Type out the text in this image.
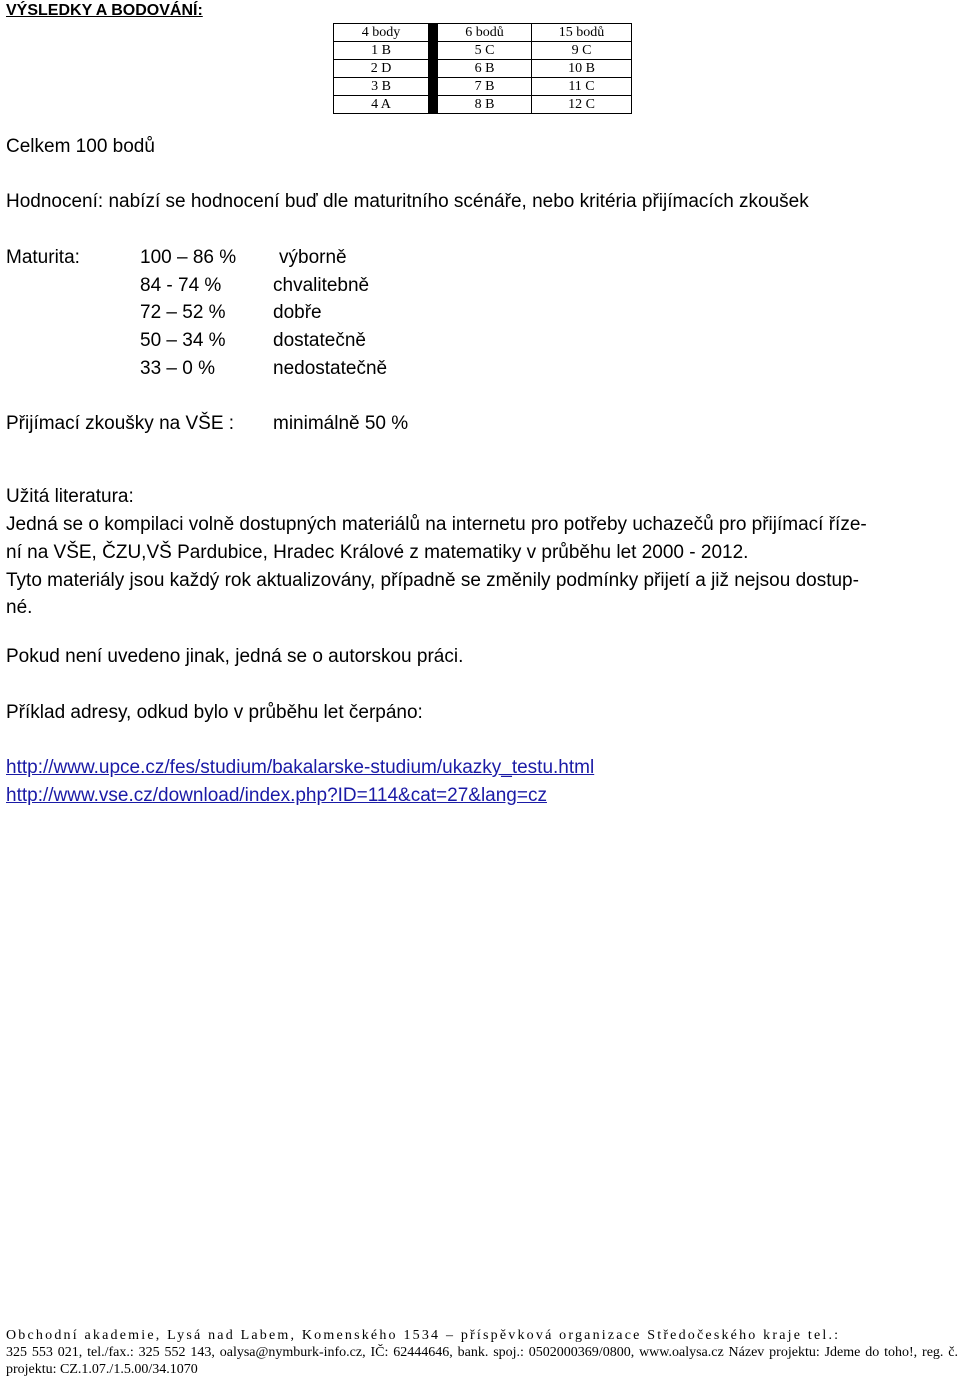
VÝSLEDKY A BODOVÁNÍ:
4 body		6 bodů	15 bodů
1 B		5 C	9 C
2 D		6 B	10 B
3 B		7 B	11 C
4 A		8 B	12 C
Celkem 100 bodů
Hodnocení: nabízí se hodnocení buď dle maturitního scénáře, nebo kritéria přijímacích zkoušek
Maturita:	100 – 86 % výborně
84 - 74 %	chvalitebně
72 – 52 % dobře
50 – 34 % dostatečně
33 – 0 %	nedostatečně
Přijímací zkoušky na VŠE : minimálně 50 %
Užitá literatura:
Jedná se o kompilaci volně dostupných materiálů na internetu pro potřeby uchazečů pro přijímací říze-
ní na VŠE, ČZU,VŠ Pardubice, Hradec Králové z matematiky v průběhu let 2000 - 2012.
Tyto materiály jsou každý rok aktualizovány, případně se změnily podmínky přijetí a již nejsou dostup-
né.
Pokud není uvedeno jinak, jedná se o autorskou práci.
Příklad adresy, odkud bylo v průběhu let čerpáno:
http://www.upce.cz/fes/studium/bakalarske-studium/ukazky_testu.html
http://www.vse.cz/download/index.php?ID=114&cat=27&lang=cz
Obchodní akademie, Lysá nad Labem, Komenského 1534 – příspěvková organizace Středočeského kraje tel.:
325 553 021, tel./fax.: 325 552 143, oalysa@nymburk-info.cz, IČ: 62444646, bank. spoj.: 0502000369/0800, www.oalysa.cz Název projektu: Jdeme do toho!, reg. č. projektu: CZ.1.07./1.5.00/34.1070
